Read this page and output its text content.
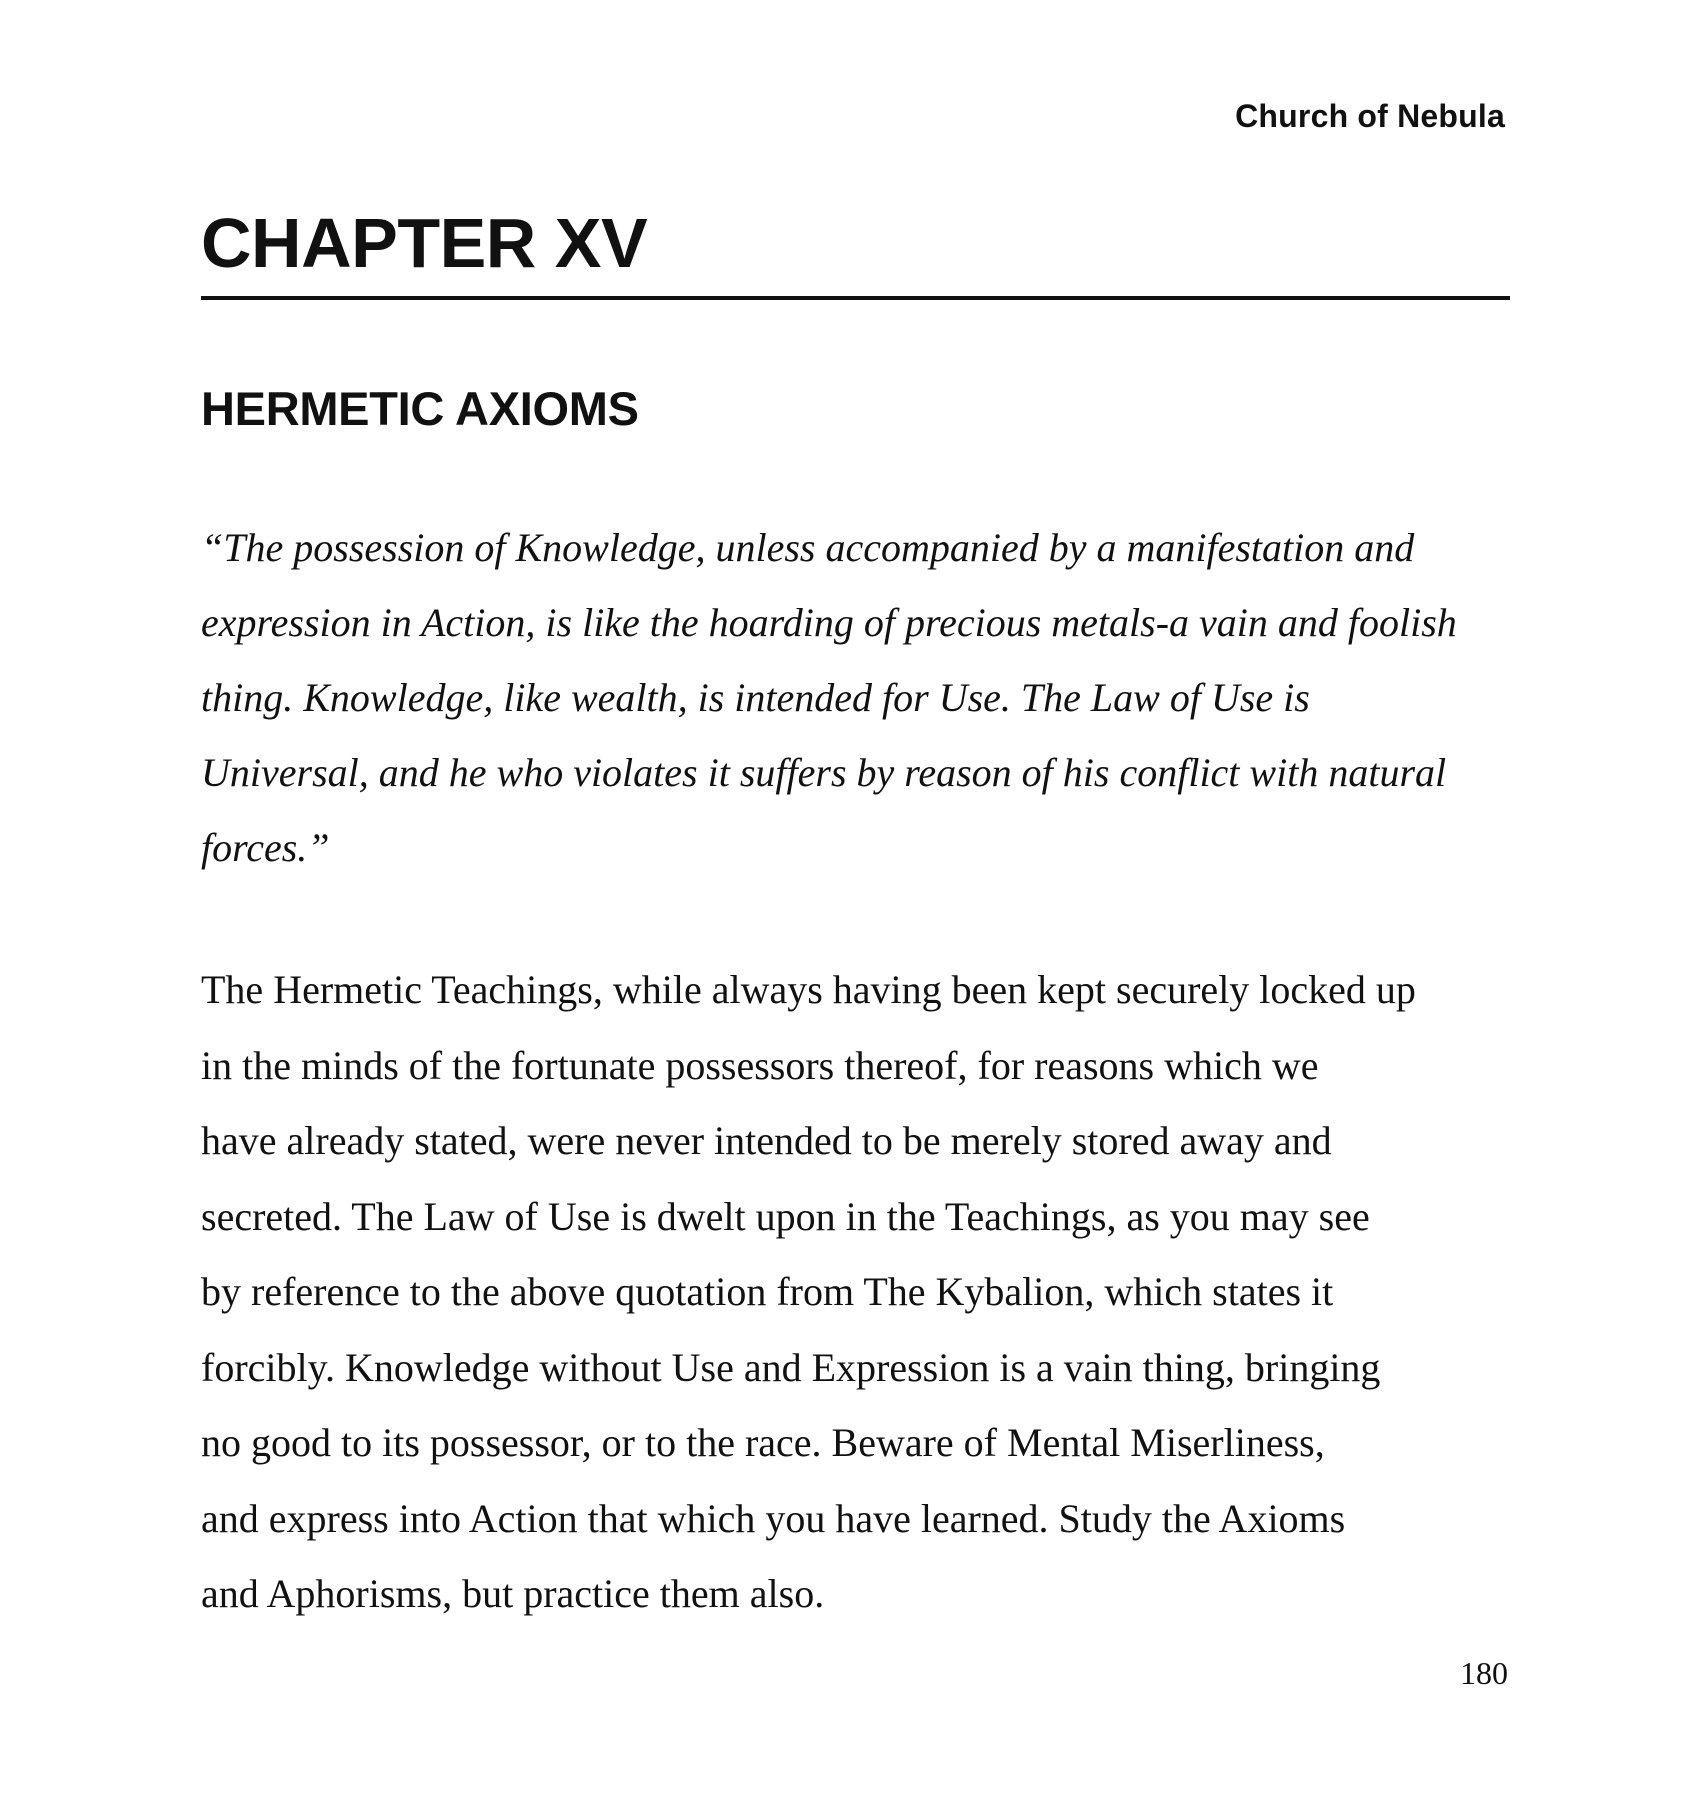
Church of Nebula
CHAPTER XV
HERMETIC AXIOMS

“The possession of Knowledge, unless accompanied by a manifestation and
expression in Action, is like the hoarding of precious metals-a vain and foolish
thing. Knowledge, like wealth, is intended for Use. The Law of Use is
Universal, and he who violates it suffers by reason of his conflict with natural
forces.”

The Hermetic Teachings, while always having been kept securely locked up
in the minds of the fortunate possessors thereof, for reasons which we
have already stated, were never intended to be merely stored away and
secreted. The Law of Use is dwelt upon in the Teachings, as you may see
by reference to the above quotation from The Kybalion, which states it
forcibly. Knowledge without Use and Expression is a vain thing, bringing
no good to its possessor, or to the race. Beware of Mental Miserliness,
and express into Action that which you have learned. Study the Axioms
and Aphorisms, but practice them also.

180
